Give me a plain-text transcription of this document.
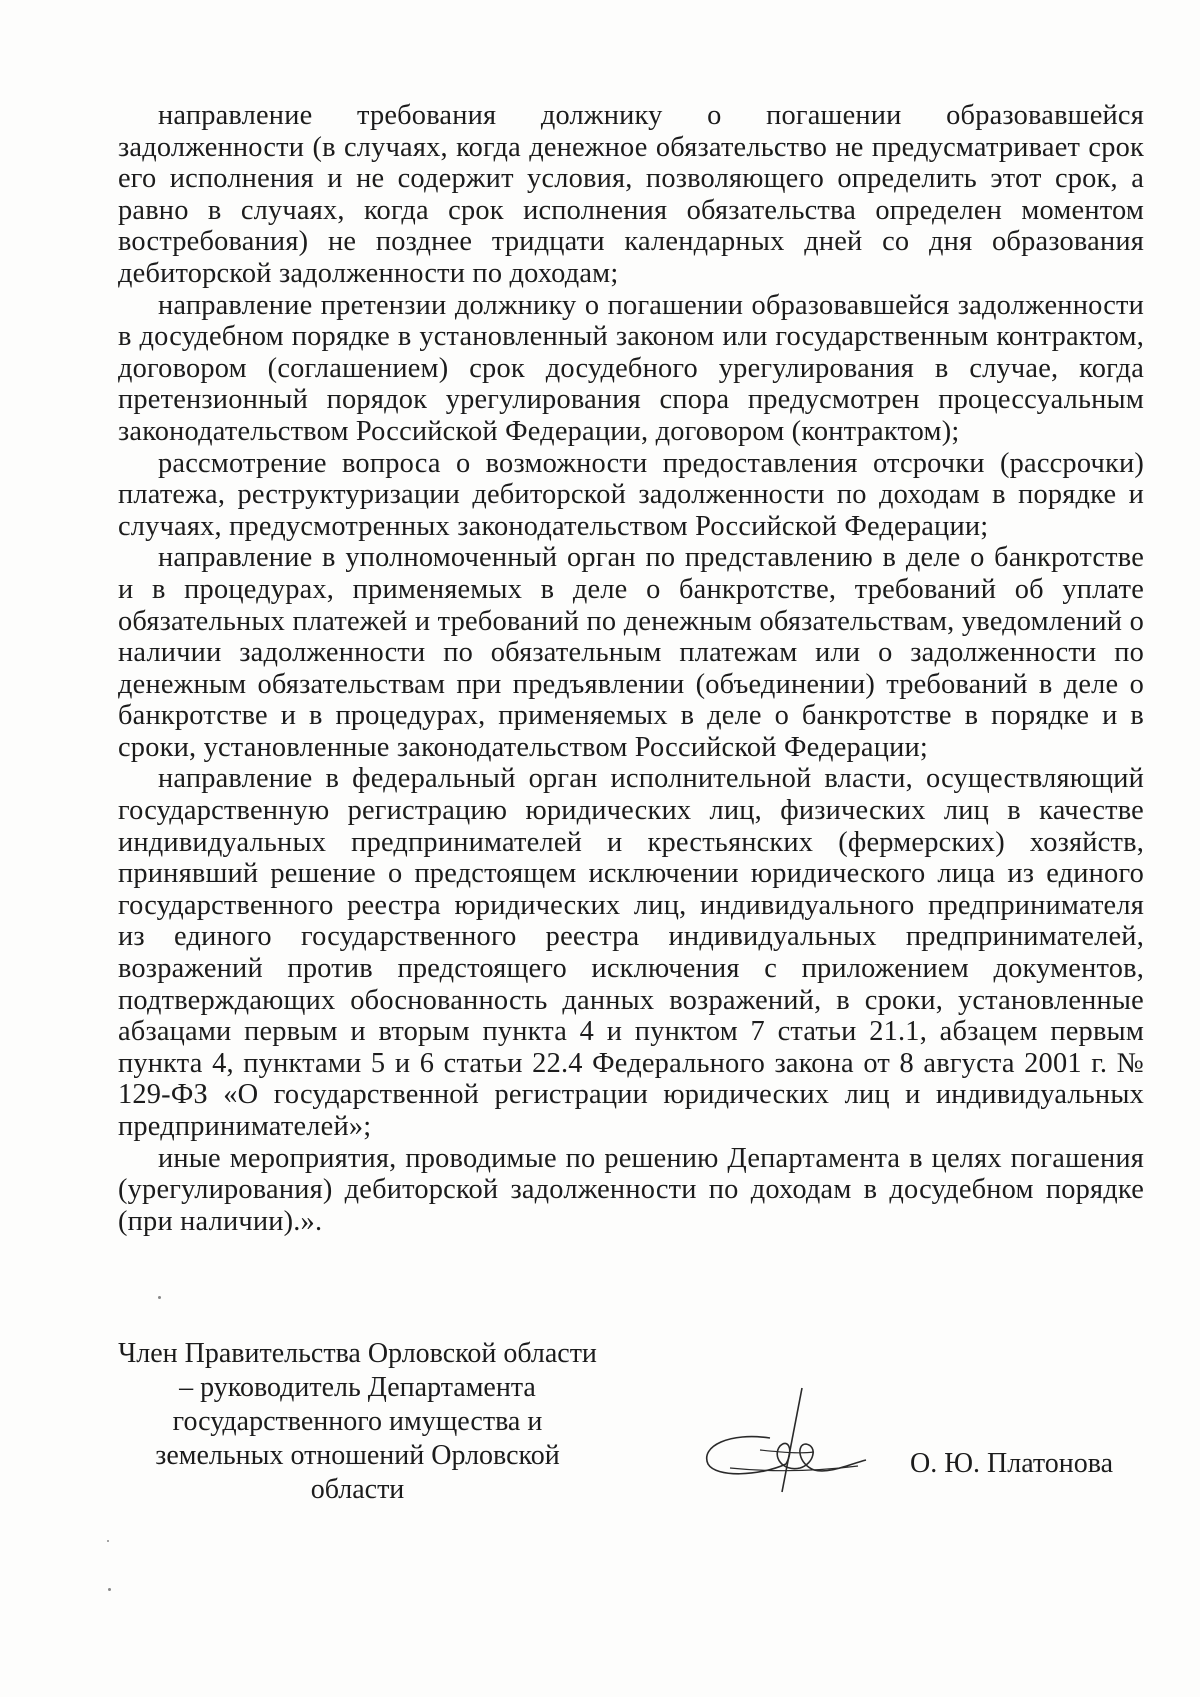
направление требования должнику о погашении образовавшейся задолженности (в случаях, когда денежное обязательство не предусматривает срок его исполнения и не содержит условия, позволяющего определить этот срок, а равно в случаях, когда срок исполнения обязательства определен моментом востребования) не позднее тридцати календарных дней со дня образования дебиторской задолженности по доходам;

направление претензии должнику о погашении образовавшейся задолженности в досудебном порядке в установленный законом или государственным контрактом, договором (соглашением) срок досудебного урегулирования в случае, когда претензионный порядок урегулирования спора предусмотрен процессуальным законодательством Российской Федерации, договором (контрактом);

рассмотрение вопроса о возможности предоставления отсрочки (рассрочки) платежа, реструктуризации дебиторской задолженности по доходам в порядке и случаях, предусмотренных законодательством Российской Федерации;

направление в уполномоченный орган по представлению в деле о банкротстве и в процедурах, применяемых в деле о банкротстве, требований об уплате обязательных платежей и требований по денежным обязательствам, уведомлений о наличии задолженности по обязательным платежам или о задолженности по денежным обязательствам при предъявлении (объединении) требований в деле о банкротстве и в процедурах, применяемых в деле о банкротстве в порядке и в сроки, установленные законодательством Российской Федерации;

направление в федеральный орган исполнительной власти, осуществляющий государственную регистрацию юридических лиц, физических лиц в качестве индивидуальных предпринимателей и крестьянских (фермерских) хозяйств, принявший решение о предстоящем исключении юридического лица из единого государственного реестра юридических лиц, индивидуального предпринимателя из единого государственного реестра индивидуальных предпринимателей, возражений против предстоящего исключения с приложением документов, подтверждающих обоснованность данных возражений, в сроки, установленные абзацами первым и вторым пункта 4 и пунктом 7 статьи 21.1, абзацем первым пункта 4, пунктами 5 и 6 статьи 22.4 Федерального закона от 8 августа 2001 г. № 129-ФЗ «О государственной регистрации юридических лиц и индивидуальных предпринимателей»;

иные мероприятия, проводимые по решению Департамента в целях погашения (урегулирования) дебиторской задолженности по доходам в досудебном порядке (при наличии).».

Член Правительства Орловской области
– руководитель Департамента
государственного имущества и
земельных отношений Орловской
области
О. Ю. Платонова
